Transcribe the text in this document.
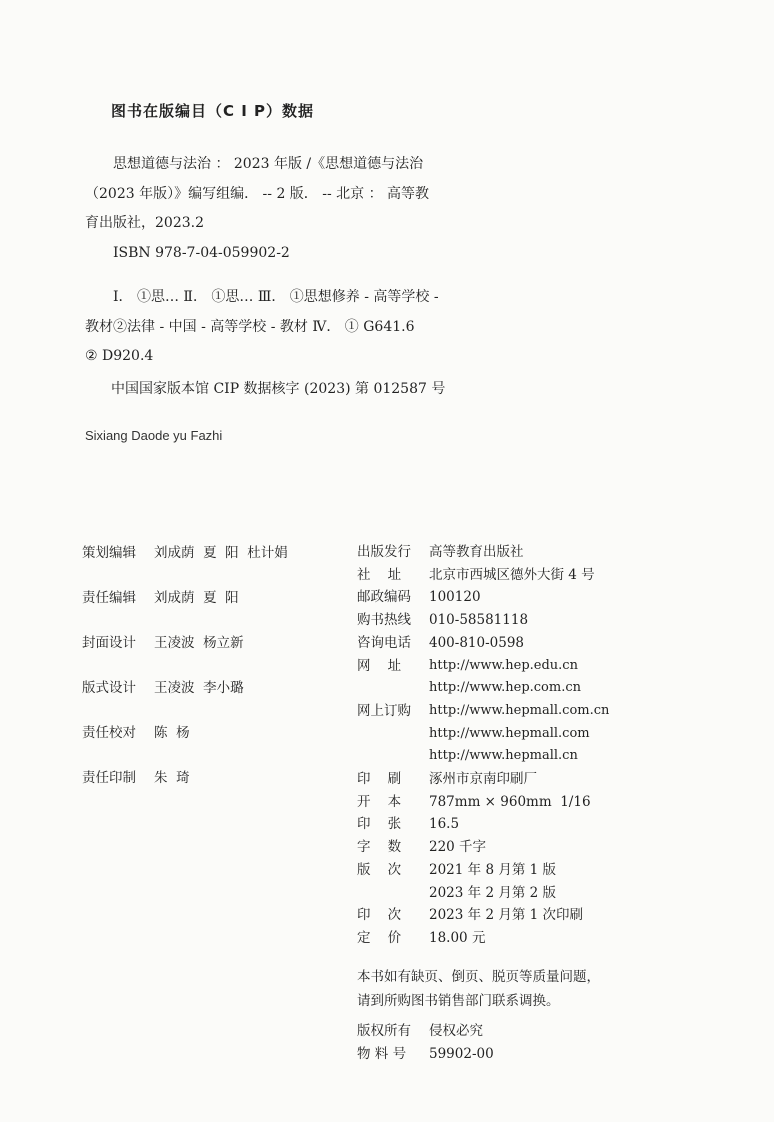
图书在版编目（C I P）数据
思想道德与法治 ： 2023 年版 /《思想道德与法治
（2023 年版）》编写组编． -- 2 版． -- 北京 ： 高等教
育出版社，2023.2
ISBN 978-7-04-059902-2
Ⅰ． ①思… Ⅱ． ①思… Ⅲ． ①思想修养 - 高等学校 -
教材②法律 - 中国 - 高等学校 - 教材 Ⅳ． ① G641.6
② D920.4
中国国家版本馆 CIP 数据核字 (2023) 第 012587 号
Sixiang Daode yu Fazhi
策划编辑	刘成荫  夏  阳  杜计娟
责任编辑	刘成荫  夏  阳
封面设计	王凌波  杨立新
版式设计	王凌波  李小璐
责任校对	陈  杨
责任印制	朱  琦
出版发行	高等教育出版社
社    址	北京市西城区德外大街 4 号
邮政编码	100120
购书热线	010-58581118
咨询电话	400-810-0598
网    址	http://www.hep.edu.cn
http://www.hep.com.cn
网上订购	http://www.hepmall.com.cn
http://www.hepmall.com
http://www.hepmall.cn
印    刷	涿州市京南印刷厂
开    本	787mm × 960mm  1/16
印    张	16.5
字    数	220 千字
版    次	2021 年 8 月第 1 版
2023 年 2 月第 2 版
印    次	2023 年 2 月第 1 次印刷
定    价	18.00 元
本书如有缺页、倒页、脱页等质量问题，
请到所购图书销售部门联系调换。
版权所有	侵权必究
物 料 号	59902-00
